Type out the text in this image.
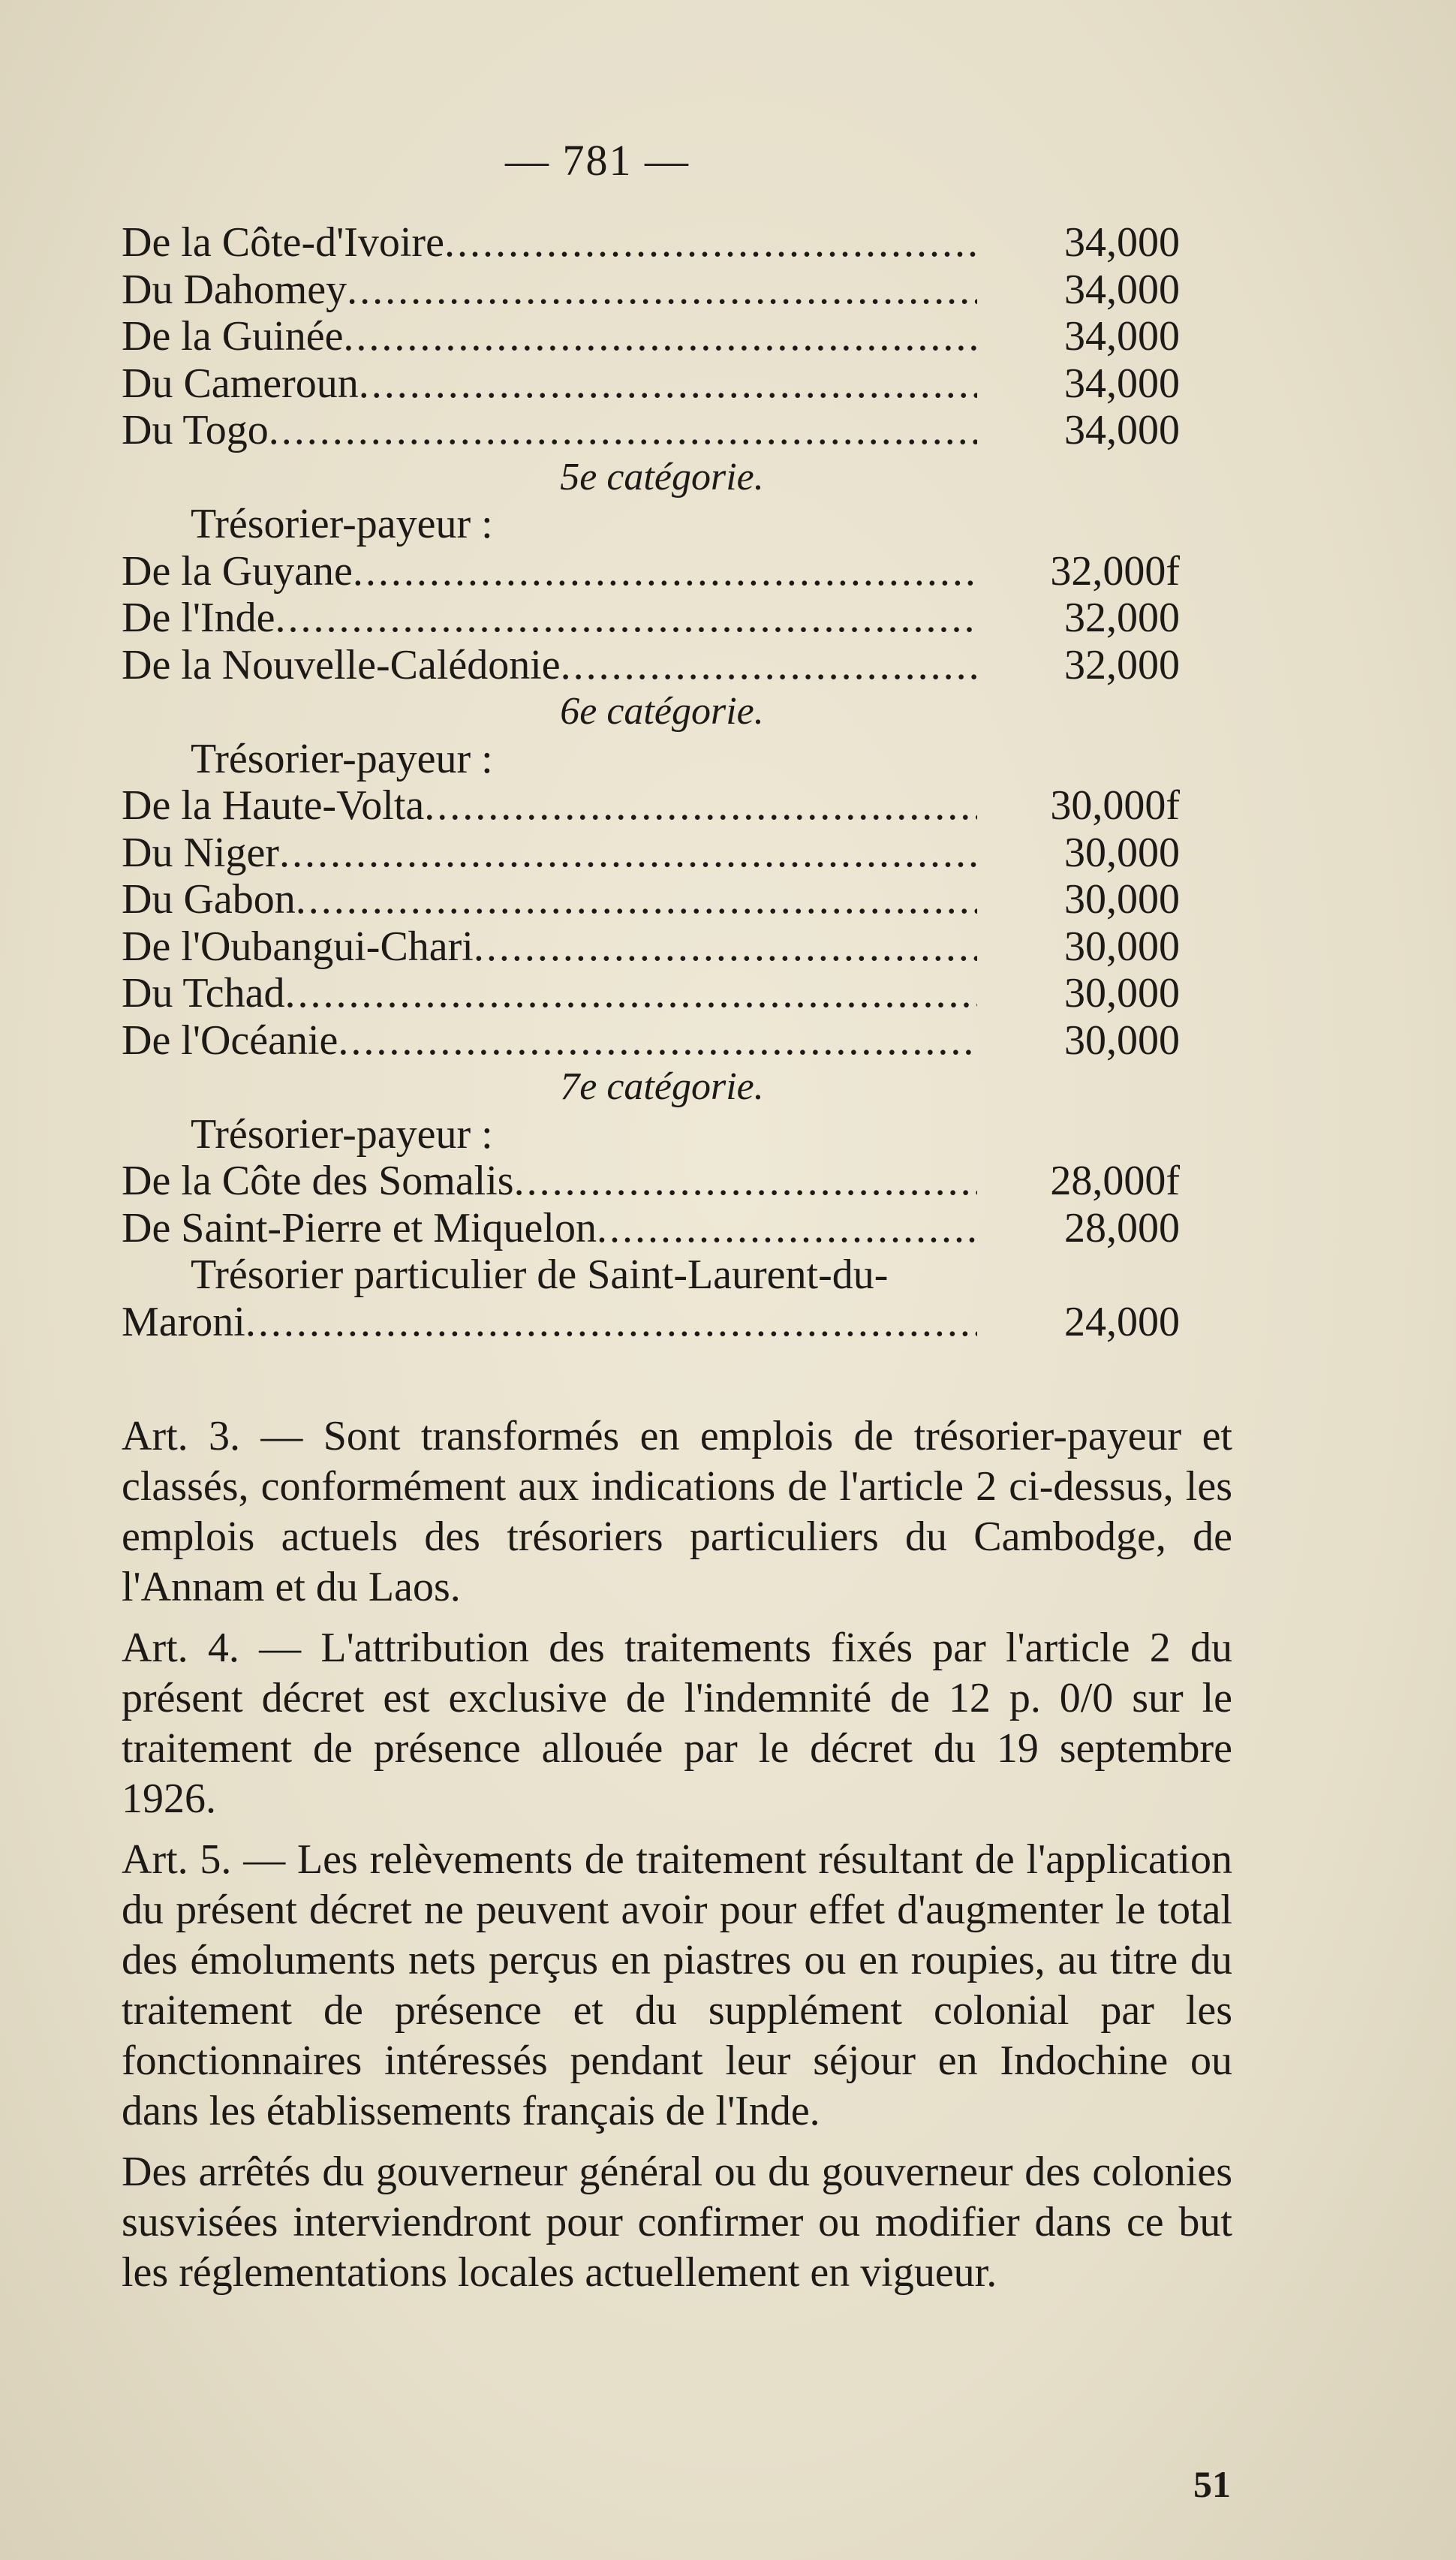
— 781 —
De la Côte-d'Ivoire .....	34,000
Du Dahomey .....	34,000
De la Guinée .....	34,000
Du Cameroun .....	34,000
Du Togo .....	34,000
5e catégorie.
Trésorier-payeur :
De la Guyane .....	32,000f
De l'Inde .....	32,000
De la Nouvelle-Calédonie .....	32,000
6e catégorie.
Trésorier-payeur :
De la Haute-Volta .....	30,000f
Du Niger .....	30,000
Du Gabon .....	30,000
De l'Oubangui-Chari .....	30,000
Du Tchad .....	30,000
De l'Océanie .....	30,000
7e catégorie.
Trésorier-payeur :
De la Côte des Somalis .....	28,000f
De Saint-Pierre et Miquelon .....	28,000
Trésorier particulier de Saint-Laurent-du-
Maroni .....	24,000

Art. 3. — Sont transformés en emplois de trésorier-payeur et classés, conformément aux indications de l'article 2 ci-dessus, les emplois actuels des trésoriers particuliers du Cambodge, de l'Annam et du Laos.

Art. 4. — L'attribution des traitements fixés par l'article 2 du présent décret est exclusive de l'indemnité de 12 p. 0/0 sur le traitement de présence allouée par le décret du 19 septembre 1926.

Art. 5. — Les relèvements de traitement résultant de l'application du présent décret ne peuvent avoir pour effet d'augmenter le total des émoluments nets perçus en piastres ou en roupies, au titre du traitement de présence et du supplément colonial par les fonctionnaires intéressés pendant leur séjour en Indochine ou dans les établissements français de l'Inde.

Des arrêtés du gouverneur général ou du gouverneur des colonies susvisées interviendront pour confirmer ou modifier dans ce but les réglementations locales actuellement en vigueur.

51
